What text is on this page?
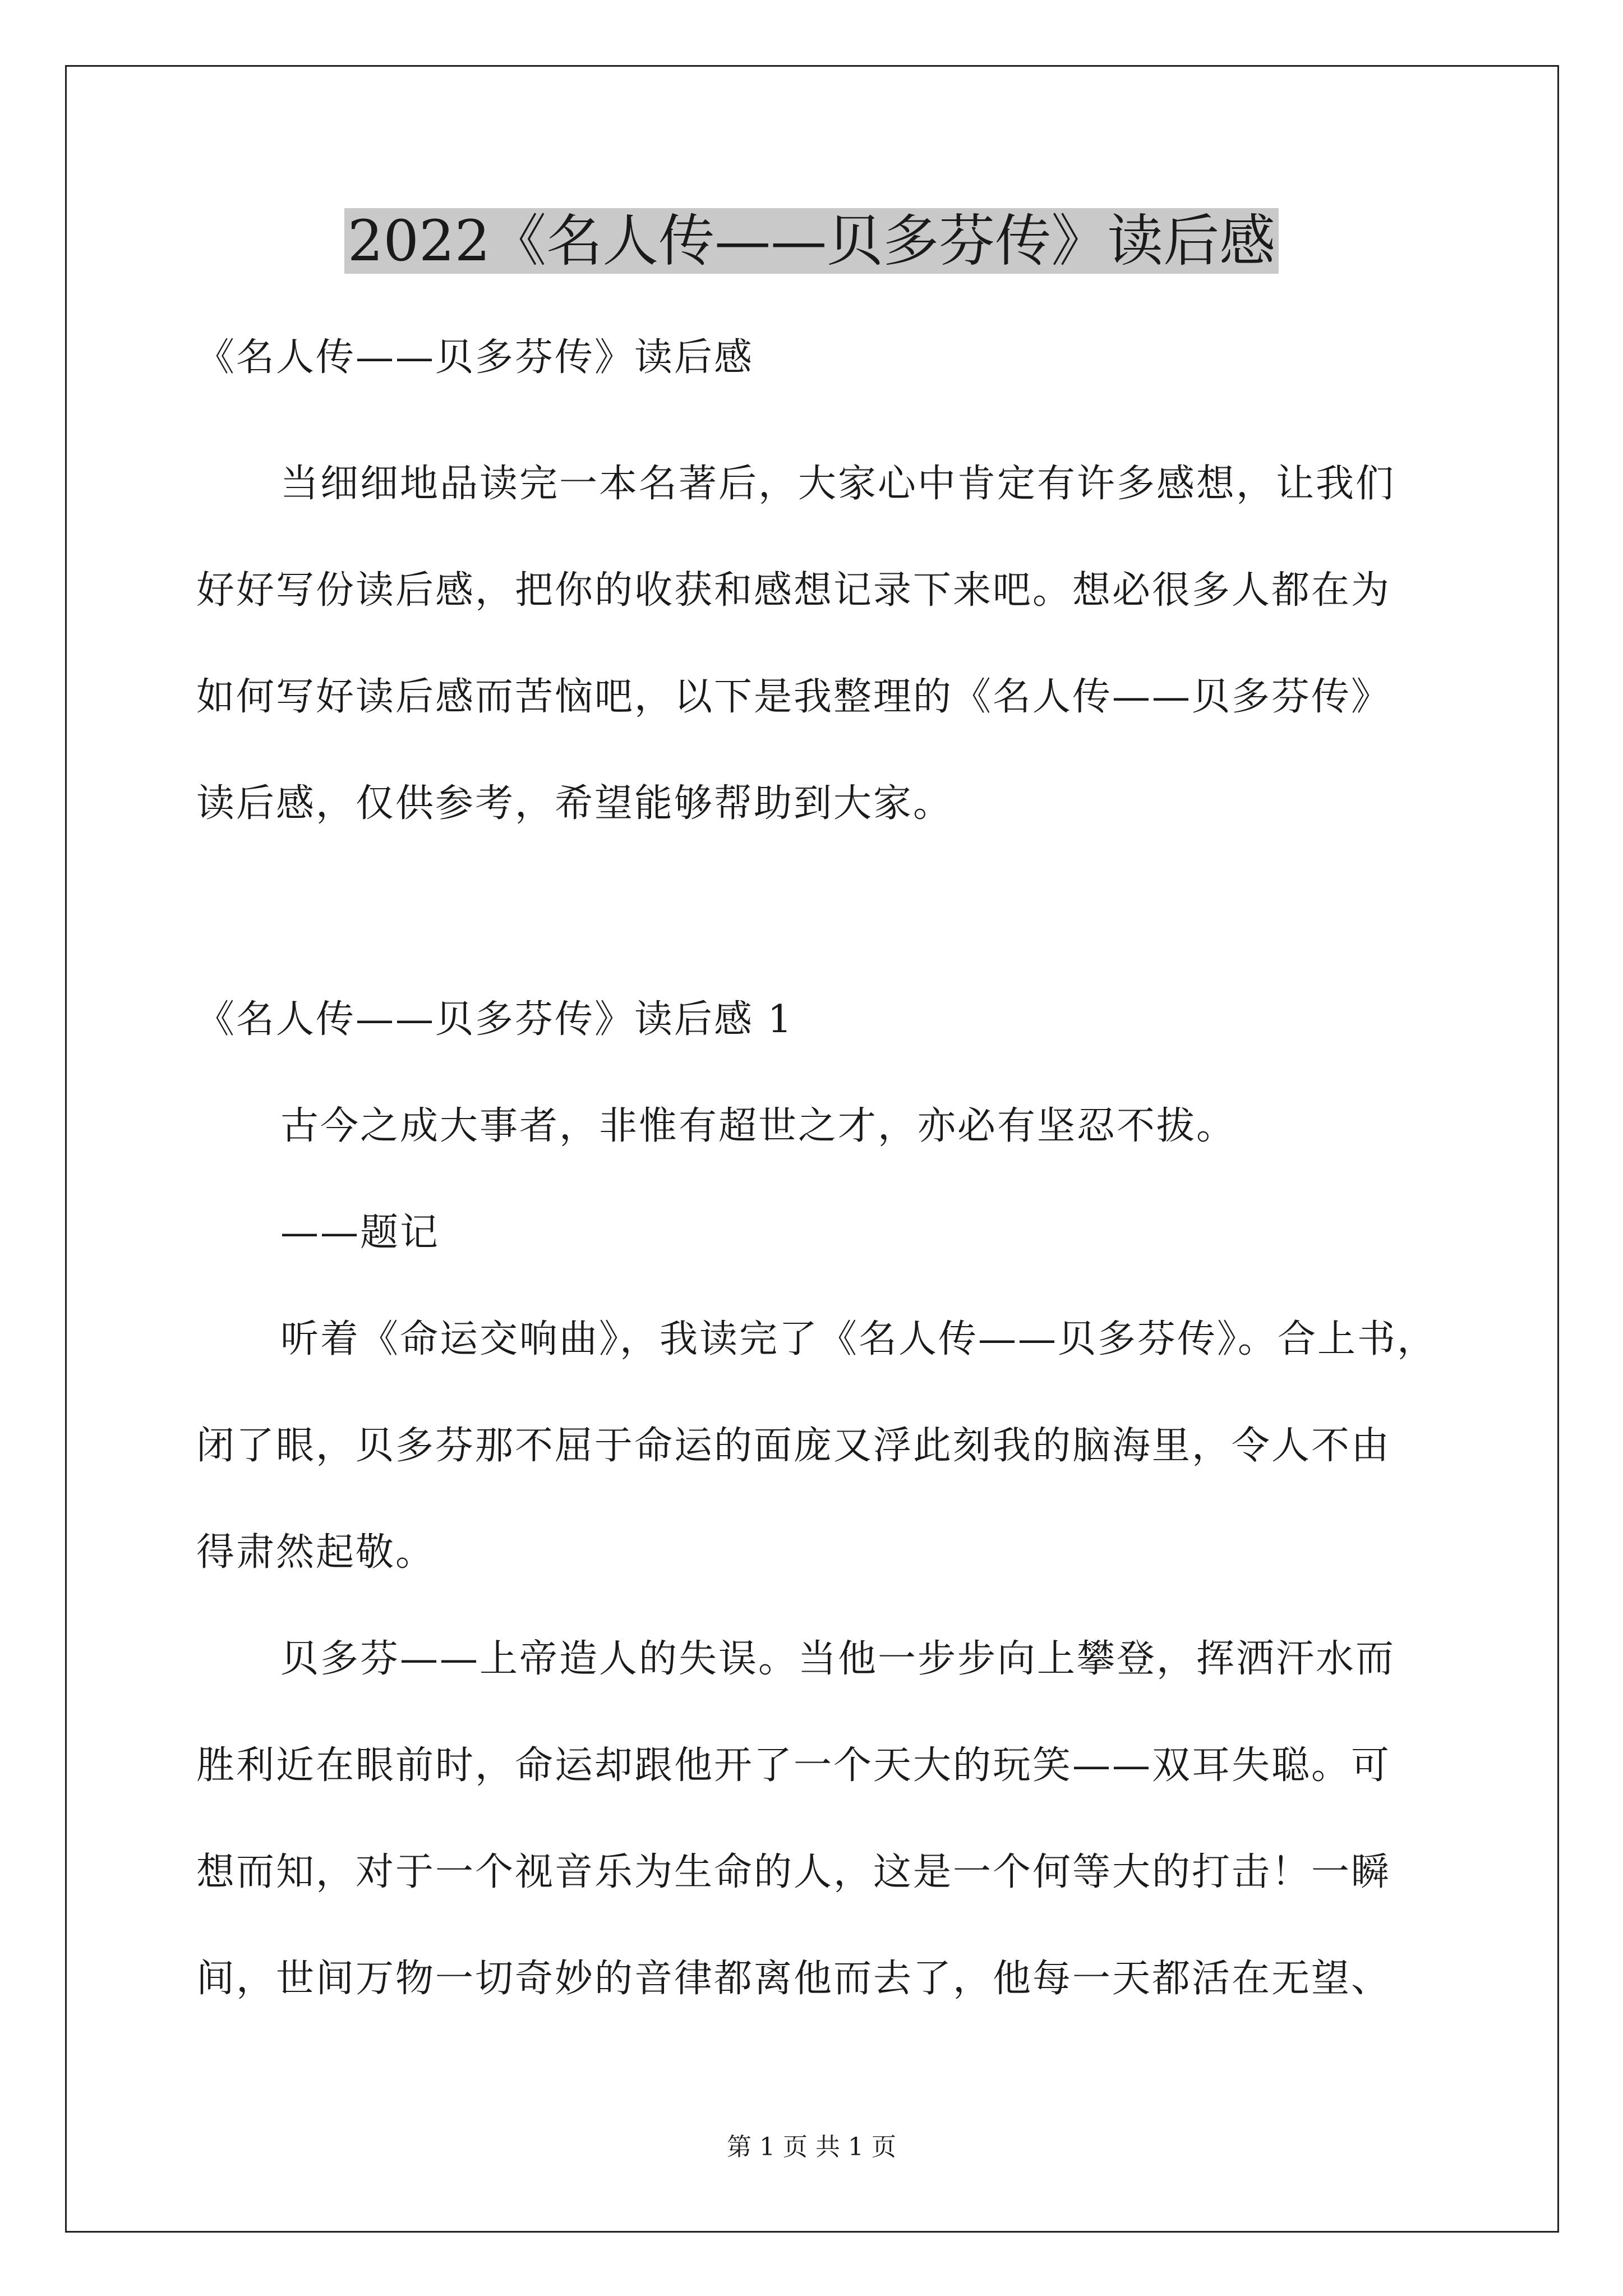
2022《名人传——贝多芬传》读后感
《名人传——贝多芬传》读后感
当细细地品读完一本名著后，大家心中肯定有许多感想，让我们
好好写份读后感，把你的收获和感想记录下来吧。想必很多人都在为
如何写好读后感而苦恼吧，以下是我整理的《名人传——贝多芬传》
读后感，仅供参考，希望能够帮助到大家。
《名人传——贝多芬传》读后感 1
古今之成大事者，非惟有超世之才，亦必有坚忍不拔。
——题记
听着《命运交响曲》，我读完了《名人传——贝多芬传》。合上书，
闭了眼，贝多芬那不屈于命运的面庞又浮此刻我的脑海里，令人不由
得肃然起敬。
贝多芬——上帝造人的失误。当他一步步向上攀登，挥洒汗水而
胜利近在眼前时，命运却跟他开了一个天大的玩笑——双耳失聪。可
想而知，对于一个视音乐为生命的人，这是一个何等大的打击！一瞬
间，世间万物一切奇妙的音律都离他而去了，他每一天都活在无望、
第 1 页 共 1 页
